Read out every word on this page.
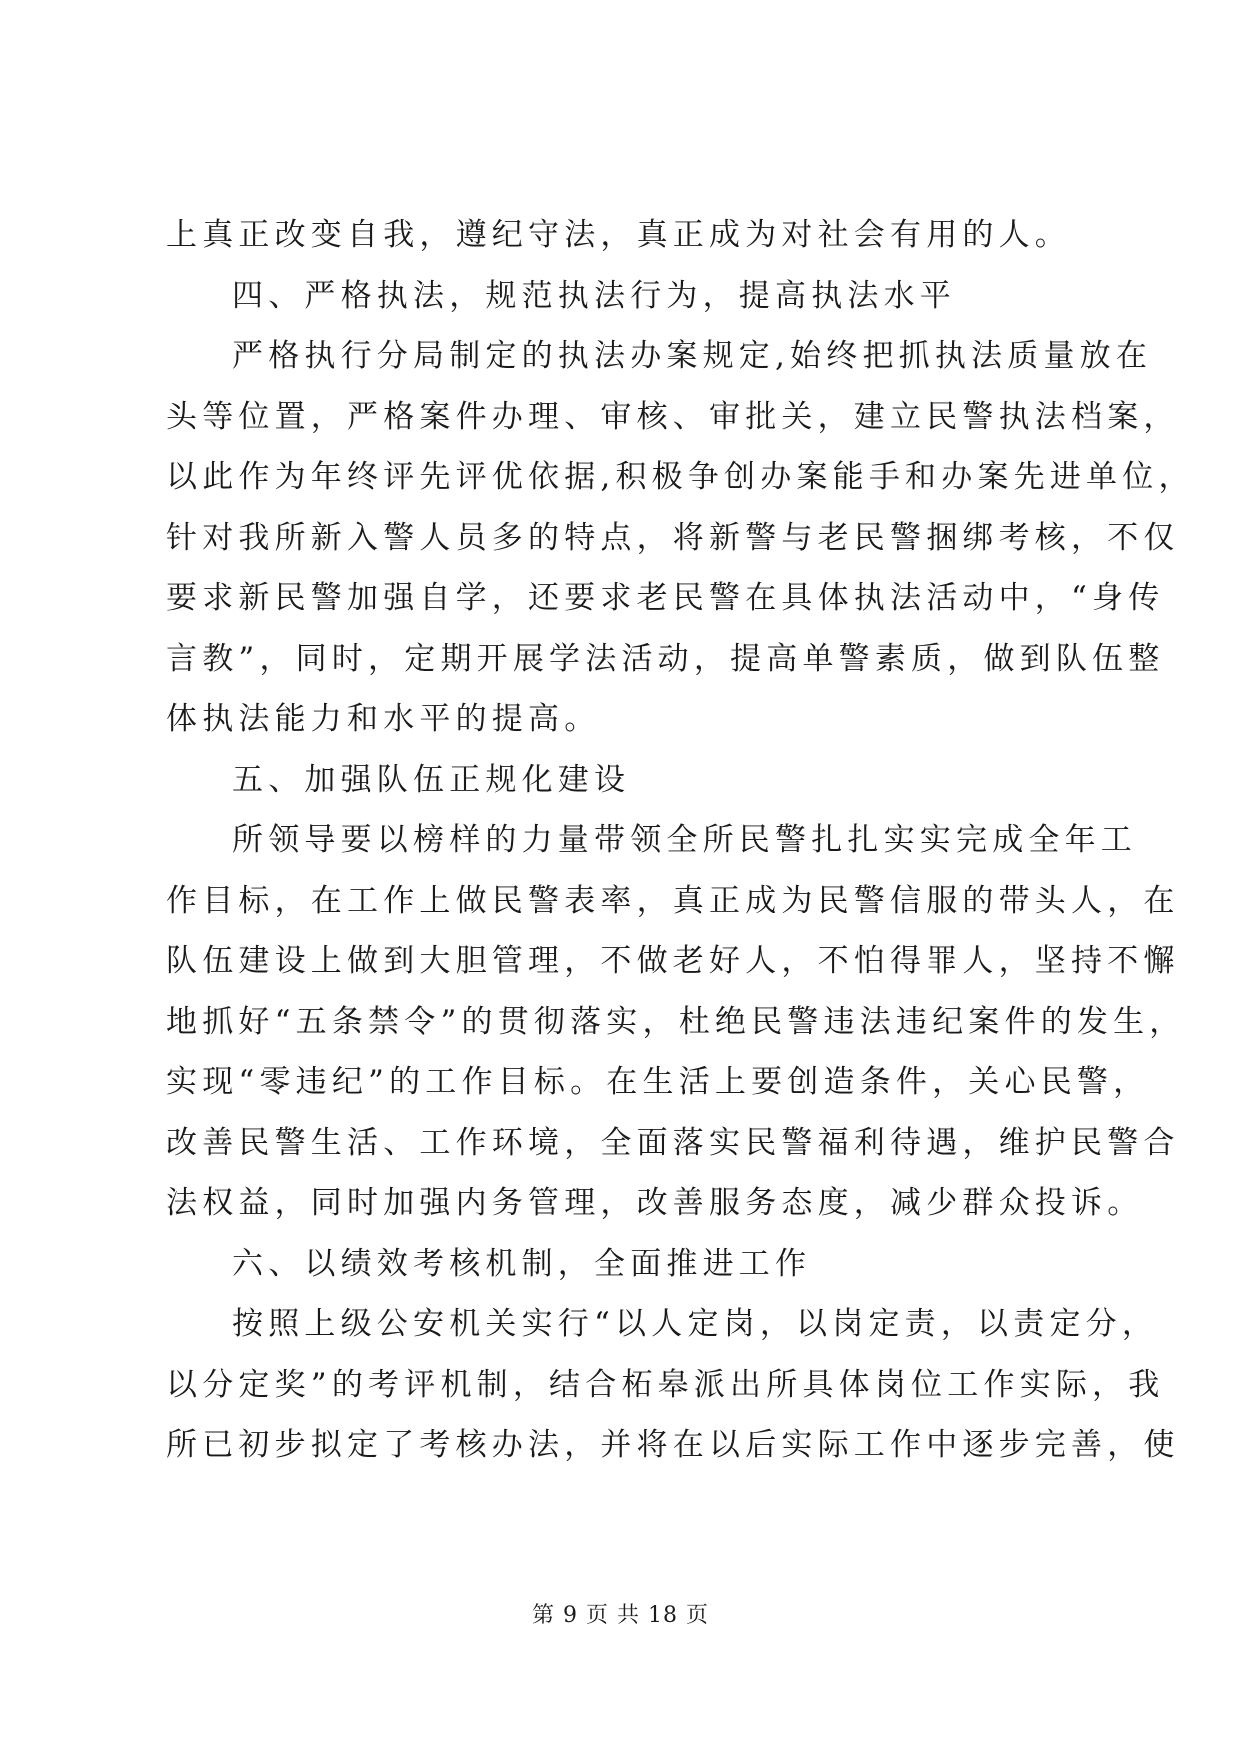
上真正改变自我，遵纪守法，真正成为对社会有用的人。
四、严格执法，规范执法行为，提高执法水平
严格执行分局制定的执法办案规定,始终把抓执法质量放在
头等位置，严格案件办理、审核、审批关，建立民警执法档案，
以此作为年终评先评优依据,积极争创办案能手和办案先进单位，
针对我所新入警人员多的特点，将新警与老民警捆绑考核，不仅
要求新民警加强自学，还要求老民警在具体执法活动中，“身传
言教”，同时，定期开展学法活动，提高单警素质，做到队伍整
体执法能力和水平的提高。
五、加强队伍正规化建设
所领导要以榜样的力量带领全所民警扎扎实实完成全年工
作目标，在工作上做民警表率，真正成为民警信服的带头人，在
队伍建设上做到大胆管理，不做老好人，不怕得罪人，坚持不懈
地抓好“五条禁令”的贯彻落实，杜绝民警违法违纪案件的发生，
实现“零违纪”的工作目标。在生活上要创造条件，关心民警，
改善民警生活、工作环境，全面落实民警福利待遇，维护民警合
法权益，同时加强内务管理，改善服务态度，减少群众投诉。
六、以绩效考核机制，全面推进工作
按照上级公安机关实行“以人定岗，以岗定责，以责定分，
以分定奖”的考评机制，结合柘皋派出所具体岗位工作实际，我
所已初步拟定了考核办法，并将在以后实际工作中逐步完善，使
第 9 页 共 18 页
